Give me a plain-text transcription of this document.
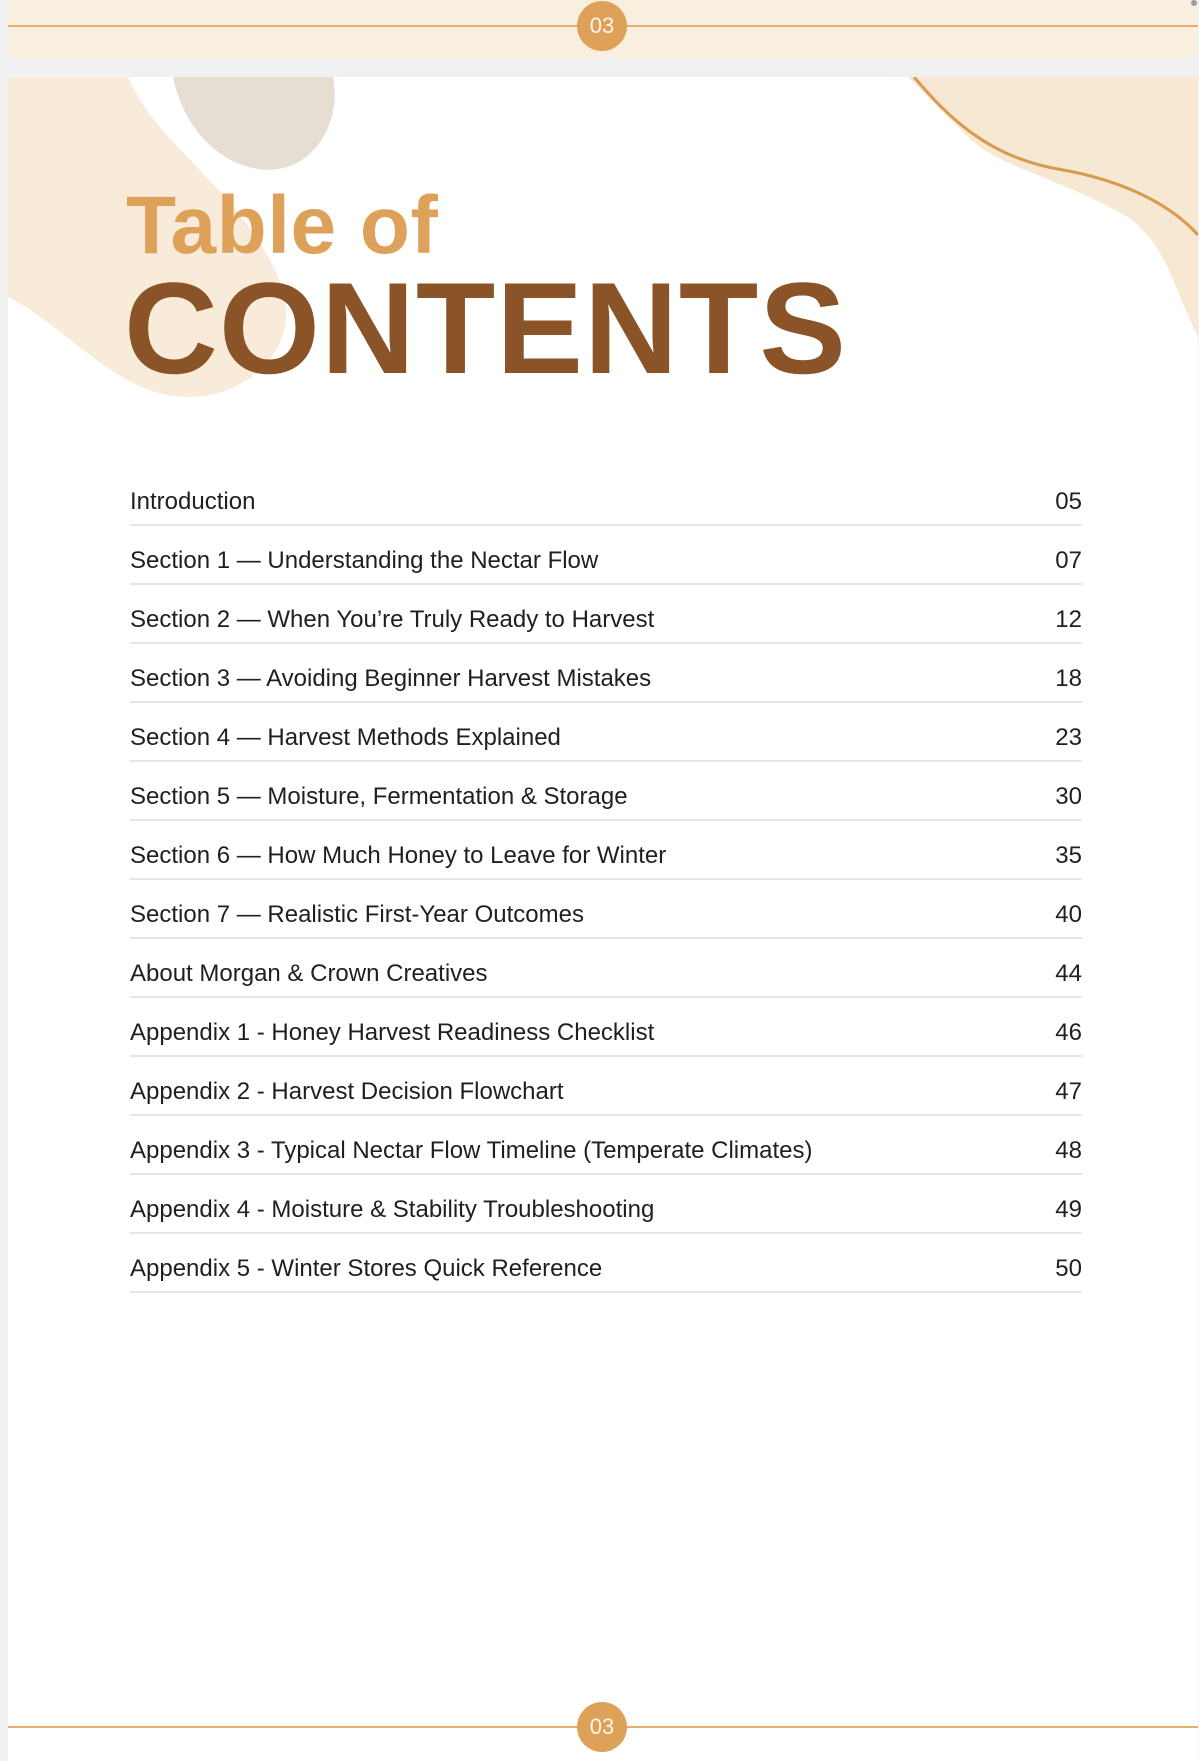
03
Table of
CONTENTS
Introduction	05
Section 1 — Understanding the Nectar Flow	07
Section 2 — When You’re Truly Ready to Harvest	12
Section 3 — Avoiding Beginner Harvest Mistakes	18
Section 4 — Harvest Methods Explained	23
Section 5 — Moisture, Fermentation & Storage	30
Section 6 — How Much Honey to Leave for Winter	35
Section 7 — Realistic First-Year Outcomes	40
About Morgan & Crown Creatives	44
Appendix 1 - Honey Harvest Readiness Checklist	46
Appendix 2 - Harvest Decision Flowchart	47
Appendix 3 - Typical Nectar Flow Timeline (Temperate Climates)	48
Appendix 4 - Moisture & Stability Troubleshooting	49
Appendix 5 - Winter Stores Quick Reference	50
03
